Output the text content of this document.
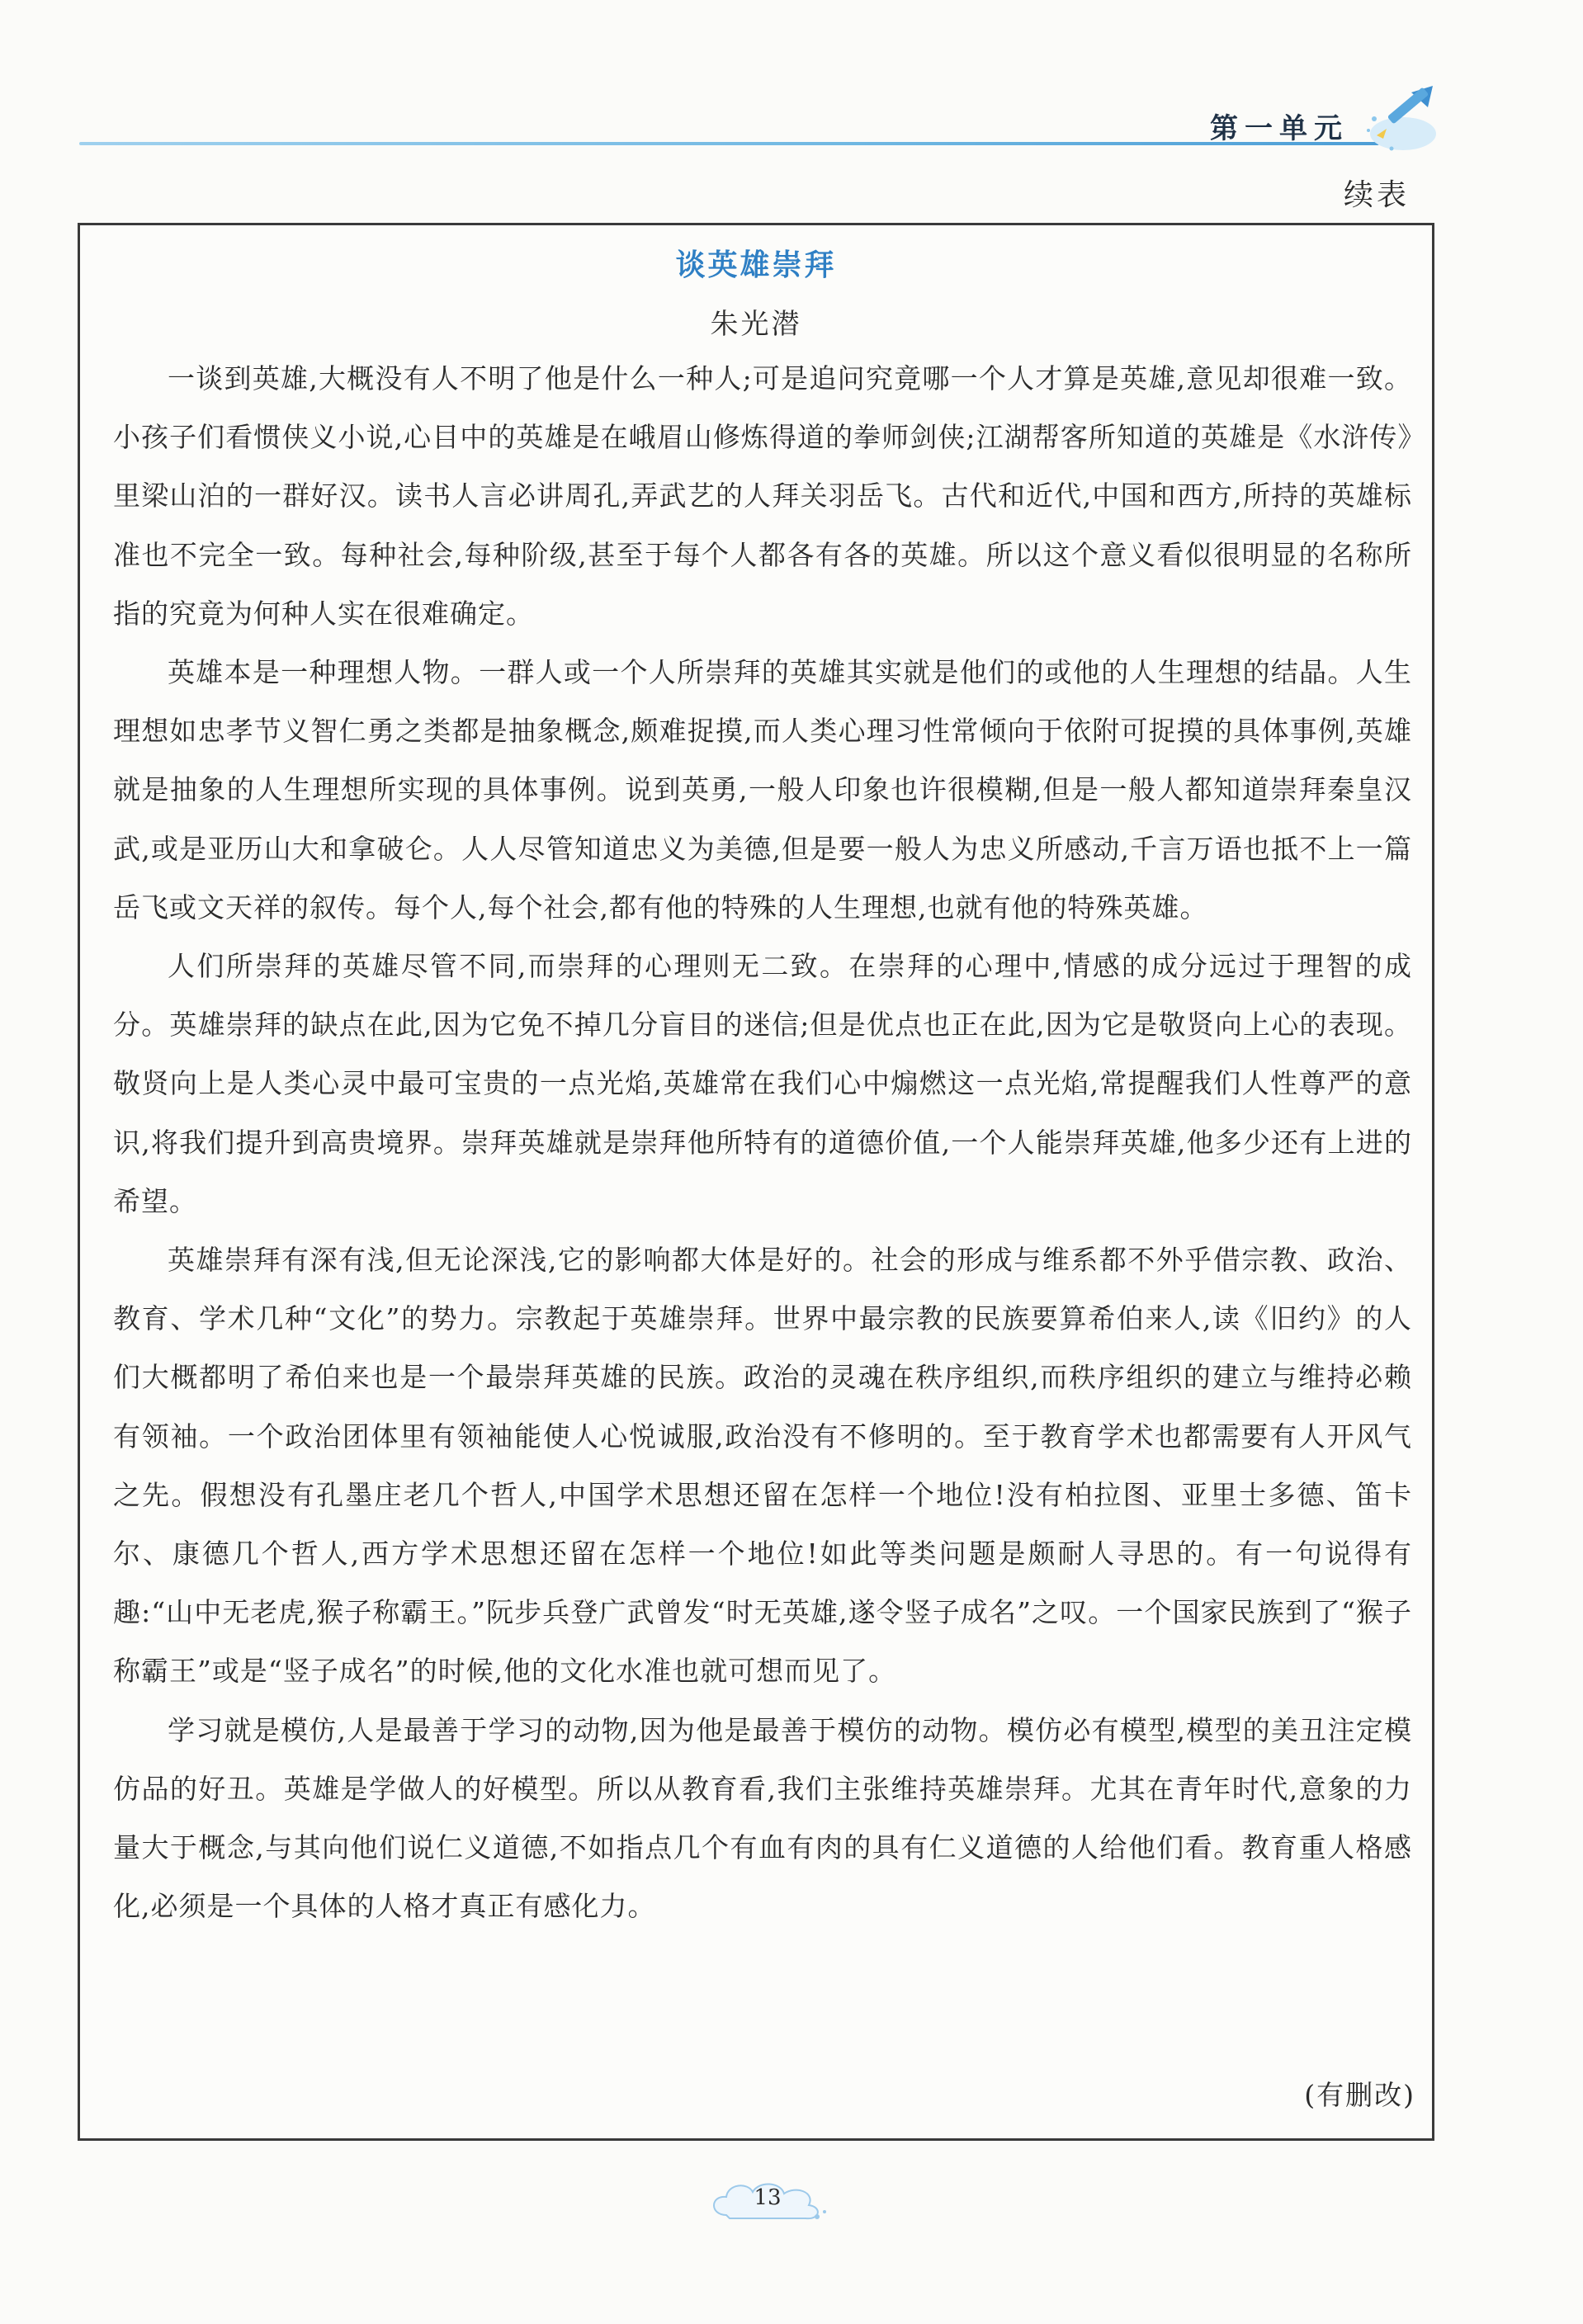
第一单元
续表
谈英雄崇拜
朱光潜

一谈到英雄,大概没有人不明了他是什么一种人;可是追问究竟哪一个人才算是英雄,意见却很难一致。小孩子们看惯侠义小说,心目中的英雄是在峨眉山修炼得道的拳师剑侠;江湖帮客所知道的英雄是《水浒传》里梁山泊的一群好汉。读书人言必讲周孔,弄武艺的人拜关羽岳飞。古代和近代,中国和西方,所持的英雄标准也不完全一致。每种社会,每种阶级,甚至于每个人都各有各的英雄。所以这个意义看似很明显的名称所指的究竟为何种人实在很难确定。

英雄本是一种理想人物。一群人或一个人所崇拜的英雄其实就是他们的或他的人生理想的结晶。人生理想如忠孝节义智仁勇之类都是抽象概念,颇难捉摸,而人类心理习性常倾向于依附可捉摸的具体事例,英雄就是抽象的人生理想所实现的具体事例。说到英勇,一般人印象也许很模糊,但是一般人都知道崇拜秦皇汉武,或是亚历山大和拿破仑。人人尽管知道忠义为美德,但是要一般人为忠义所感动,千言万语也抵不上一篇岳飞或文天祥的叙传。每个人,每个社会,都有他的特殊的人生理想,也就有他的特殊英雄。

人们所崇拜的英雄尽管不同,而崇拜的心理则无二致。在崇拜的心理中,情感的成分远过于理智的成分。英雄崇拜的缺点在此,因为它免不掉几分盲目的迷信;但是优点也正在此,因为它是敬贤向上心的表现。敬贤向上是人类心灵中最可宝贵的一点光焰,英雄常在我们心中煽燃这一点光焰,常提醒我们人性尊严的意识,将我们提升到高贵境界。崇拜英雄就是崇拜他所特有的道德价值,一个人能崇拜英雄,他多少还有上进的希望。

英雄崇拜有深有浅,但无论深浅,它的影响都大体是好的。社会的形成与维系都不外乎借宗教、政治、教育、学术几种“文化”的势力。宗教起于英雄崇拜。世界中最宗教的民族要算希伯来人,读《旧约》的人们大概都明了希伯来也是一个最崇拜英雄的民族。政治的灵魂在秩序组织,而秩序组织的建立与维持必赖有领袖。一个政治团体里有领袖能使人心悦诚服,政治没有不修明的。至于教育学术也都需要有人开风气之先。假想没有孔墨庄老几个哲人,中国学术思想还留在怎样一个地位!没有柏拉图、亚里士多德、笛卡尔、康德几个哲人,西方学术思想还留在怎样一个地位!如此等类问题是颇耐人寻思的。有一句说得有趣:“山中无老虎,猴子称霸王。”阮步兵登广武曾发“时无英雄,遂令竖子成名”之叹。一个国家民族到了“猴子称霸王”或是“竖子成名”的时候,他的文化水准也就可想而见了。

学习就是模仿,人是最善于学习的动物,因为他是最善于模仿的动物。模仿必有模型,模型的美丑注定模仿品的好丑。英雄是学做人的好模型。所以从教育看,我们主张维持英雄崇拜。尤其在青年时代,意象的力量大于概念,与其向他们说仁义道德,不如指点几个有血有肉的具有仁义道德的人给他们看。教育重人格感化,必须是一个具体的人格才真正有感化力。

(有删改)
13
